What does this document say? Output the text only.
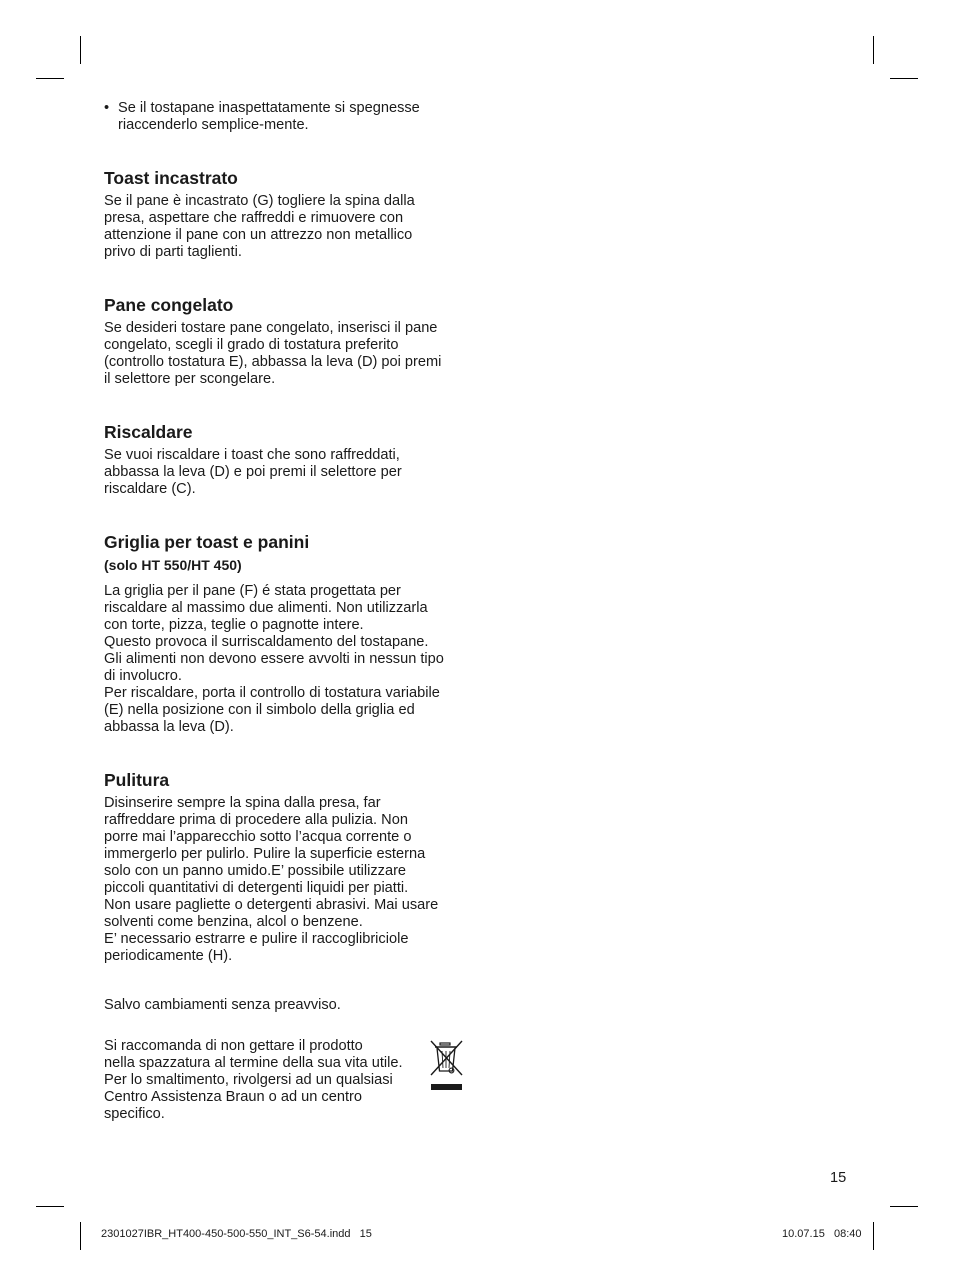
• Se il tostapane inaspettatamente si spegnesse
riaccenderlo semplice-mente.

Toast incastrato

Se il pane è incastrato (G) togliere la spina dalla
presa, aspettare che raffreddi e rimuovere con
attenzione il pane con un attrezzo non metallico
privo di parti taglienti.

Pane congelato

Se desideri tostare pane congelato, inserisci il pane
congelato, scegli il grado di tostatura preferito
(controllo tostatura E), abbassa la leva (D) poi premi
il selettore per scongelare.

Riscaldare

Se vuoi riscaldare i toast che sono raffreddati,
abbassa la leva (D) e poi premi il selettore per
riscaldare (C).

Griglia per toast e panini

(solo HT 550/HT 450)

La griglia per il pane (F) é stata progettata per
riscaldare al massimo due alimenti. Non utilizzarla
con torte, pizza, teglie o pagnotte intere.
Questo provoca il surriscaldamento del tostapane.
Gli alimenti non devono essere avvolti in nessun tipo
di involucro.
Per riscaldare, porta il controllo di tostatura variabile
(E) nella posizione con il simbolo della griglia ed
abbassa la leva (D).

Pulitura

Disinserire sempre la spina dalla presa, far
raffreddare prima di procedere alla pulizia. Non
porre mai l’apparecchio sotto l’acqua corrente o
immergerlo per pulirlo. Pulire la superficie esterna
solo con un panno umido.E’ possibile utilizzare
piccoli quantitativi di detergenti liquidi per piatti.
Non usare pagliette o detergenti abrasivi. Mai usare
solventi come benzina, alcol o benzene.
E’ necessario estrarre e pulire il raccoglibriciole
periodicamente (H).

Salvo cambiamenti senza preavviso.

Si raccomanda di non gettare il prodotto
nella spazzatura al termine della sua vita utile.
Per lo smaltimento, rivolgersi ad un qualsiasi
Centro Assistenza Braun o ad un centro
specifico.

15
2301027IBR_HT400-450-500-550_INT_S6-54.indd   15	10.07.15   08:40
